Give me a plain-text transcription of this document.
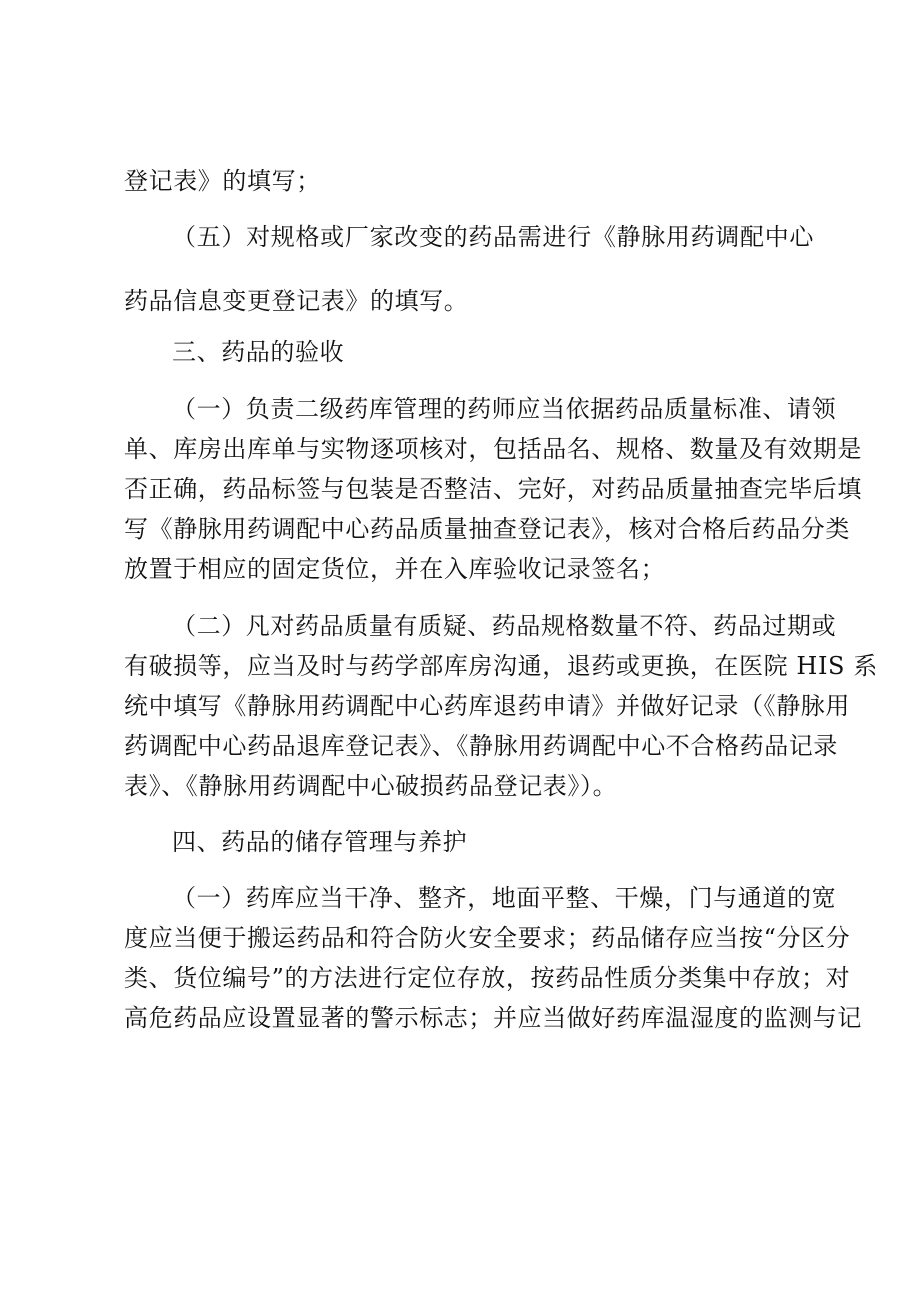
登记表》的填写；
（五）对规格或厂家改变的药品需进行《静脉用药调配中心
药品信息变更登记表》的填写。
三、药品的验收
（一）负责二级药库管理的药师应当依据药品质量标准、请领
单、库房出库单与实物逐项核对，包括品名、规格、数量及有效期是
否正确，药品标签与包装是否整洁、完好，对药品质量抽查完毕后填
写《静脉用药调配中心药品质量抽查登记表》，核对合格后药品分类
放置于相应的固定货位，并在入库验收记录签名；
（二）凡对药品质量有质疑、药品规格数量不符、药品过期或
有破损等，应当及时与药学部库房沟通，退药或更换，在医院 HIS 系
统中填写《静脉用药调配中心药库退药申请》并做好记录（《静脉用
药调配中心药品退库登记表》、《静脉用药调配中心不合格药品记录
表》、《静脉用药调配中心破损药品登记表》）。
四、药品的储存管理与养护
（一）药库应当干净、整齐，地面平整、干燥，门与通道的宽
度应当便于搬运药品和符合防火安全要求；药品储存应当按“分区分
类、货位编号”的方法进行定位存放，按药品性质分类集中存放；对
高危药品应设置显著的警示标志；并应当做好药库温湿度的监测与记
